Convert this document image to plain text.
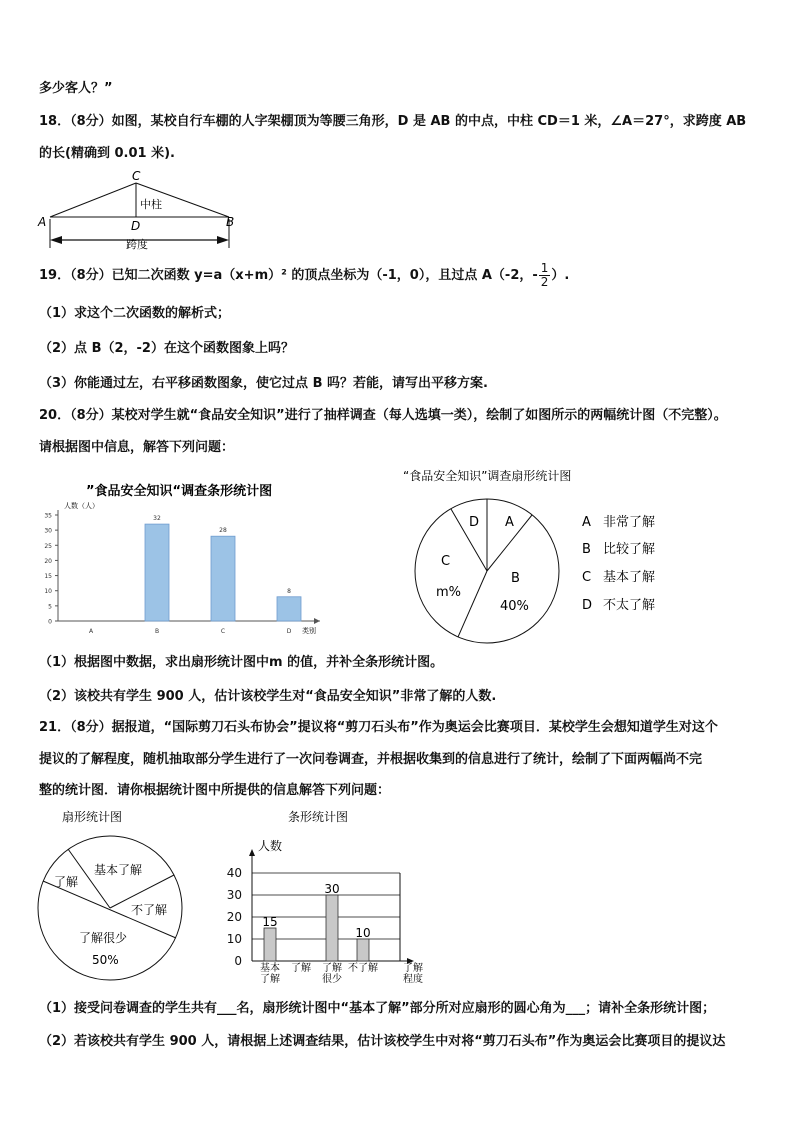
多少客人？”
18．（8分）如图，某校自行车棚的人字架棚顶为等腰三角形，D 是 AB 的中点，中柱 CD＝1 米，∠A＝27°，求跨度 AB
的长(精确到 0.01 米).
C
A	B
D
中柱
跨度
19．（8分）已知二次函数 y=a（x+m）² 的顶点坐标为（-1，0），且过点 A（-2，- $\frac{1}{2}$ ）.
（1）求这个二次函数的解析式；
（2）点 B（2，-2）在这个函数图象上吗？
（3）你能通过左，右平移函数图象，使它过点 B 吗？若能，请写出平移方案.
20．（8分）某校对学生就“食品安全知识”进行了抽样调查（每人选填一类），绘制了如图所示的两幅统计图（不完整）。
请根据图中信息，解答下列问题：
”食品安全知识“调查条形统计图
人数（人）
类别
0
5
10
15
20
25
30
35
A	B
32
C
28
D
8
“食品安全知识”调查扇形统计图
D A
B
40%
C
m%
A 非常了解
B 比较了解
C 基本了解
D 不太了解
（1）根据图中数据，求出扇形统计图中m 的值，并补全条形统计图。
（2）该校共有学生 900 人，估计该校学生对“食品安全知识”非常了解的人数.
21．（8分）据报道，“国际剪刀石头布协会”提议将“剪刀石头布”作为奥运会比赛项目．某校学生会想知道学生对这个
提议的了解程度，随机抽取部分学生进行了一次问卷调查，并根据收集到的信息进行了统计，绘制了下面两幅尚不完
整的统计图．请你根据统计图中所提供的信息解答下列问题：
扇形统计图
基本了解
不了解
了解
了解很少
50%
条形统计图
人数
0
10
20
30
40
基本
了解
15
了解 了解
很少
30
不了解
10
了解
程度
（1）接受问卷调查的学生共有___名，扇形统计图中“基本了解”部分所对应扇形的圆心角为___；请补全条形统计图；
（2）若该校共有学生 900 人，请根据上述调查结果，估计该校学生中对将“剪刀石头布”作为奥运会比赛项目的提议达
